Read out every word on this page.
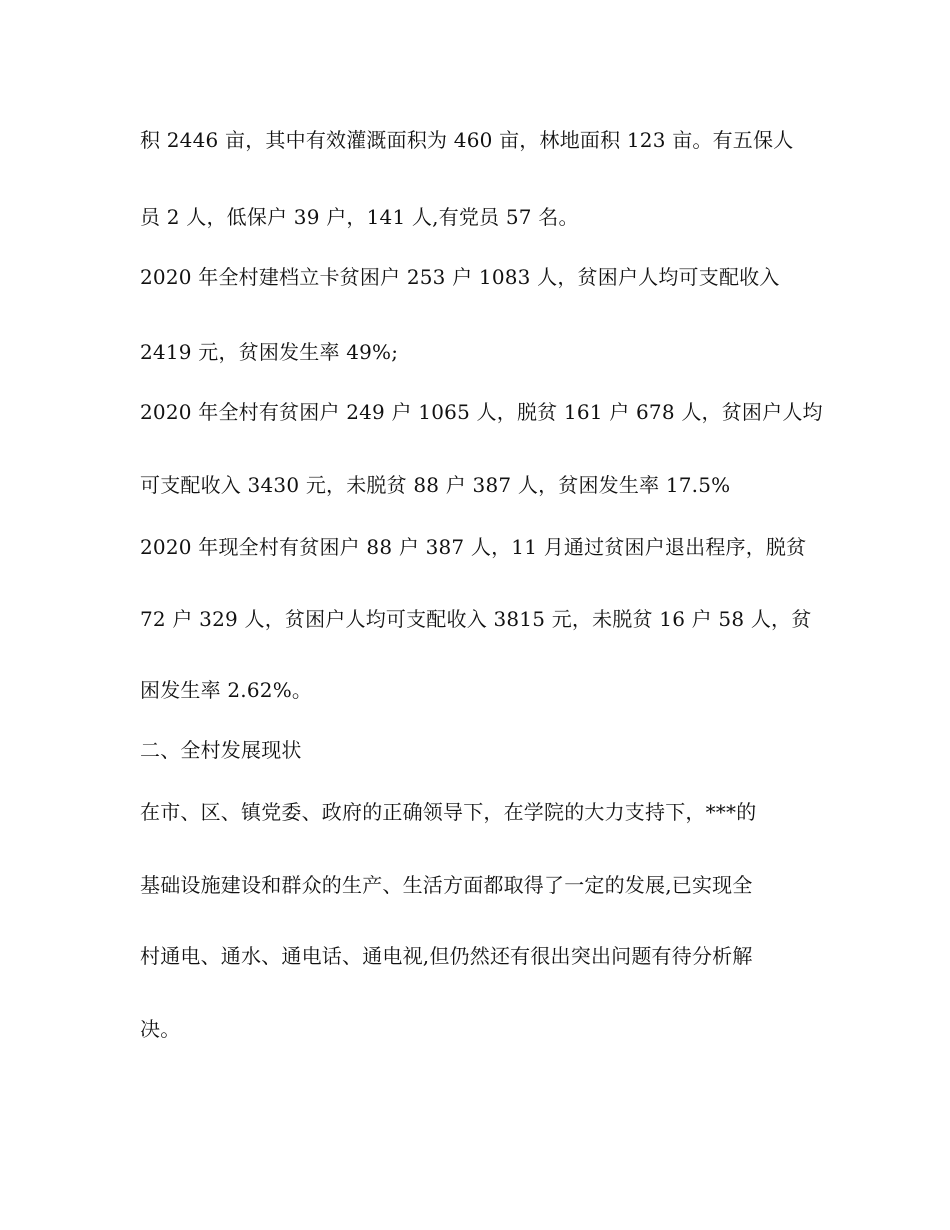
积 2446 亩，其中有效灌溉面积为 460 亩，林地面积 123 亩。有五保人
员 2 人，低保户 39 户，141 人,有党员 57 名。
2020 年全村建档立卡贫困户 253 户 1083 人，贫困户人均可支配收入
2419 元，贫困发生率 49%;
2020 年全村有贫困户 249 户 1065 人，脱贫 161 户 678 人，贫困户人均
可支配收入 3430 元，未脱贫 88 户 387 人，贫困发生率 17.5%
2020 年现全村有贫困户 88 户 387 人，11 月通过贫困户退出程序，脱贫
72 户 329 人，贫困户人均可支配收入 3815 元，未脱贫 16 户 58 人，贫
困发生率 2.62%。
二、全村发展现状
在市、区、镇党委、政府的正确领导下，在学院的大力支持下，***的
基础设施建设和群众的生产、生活方面都取得了一定的发展,已实现全
村通电、通水、通电话、通电视,但仍然还有很出突出问题有待分析解
决。
